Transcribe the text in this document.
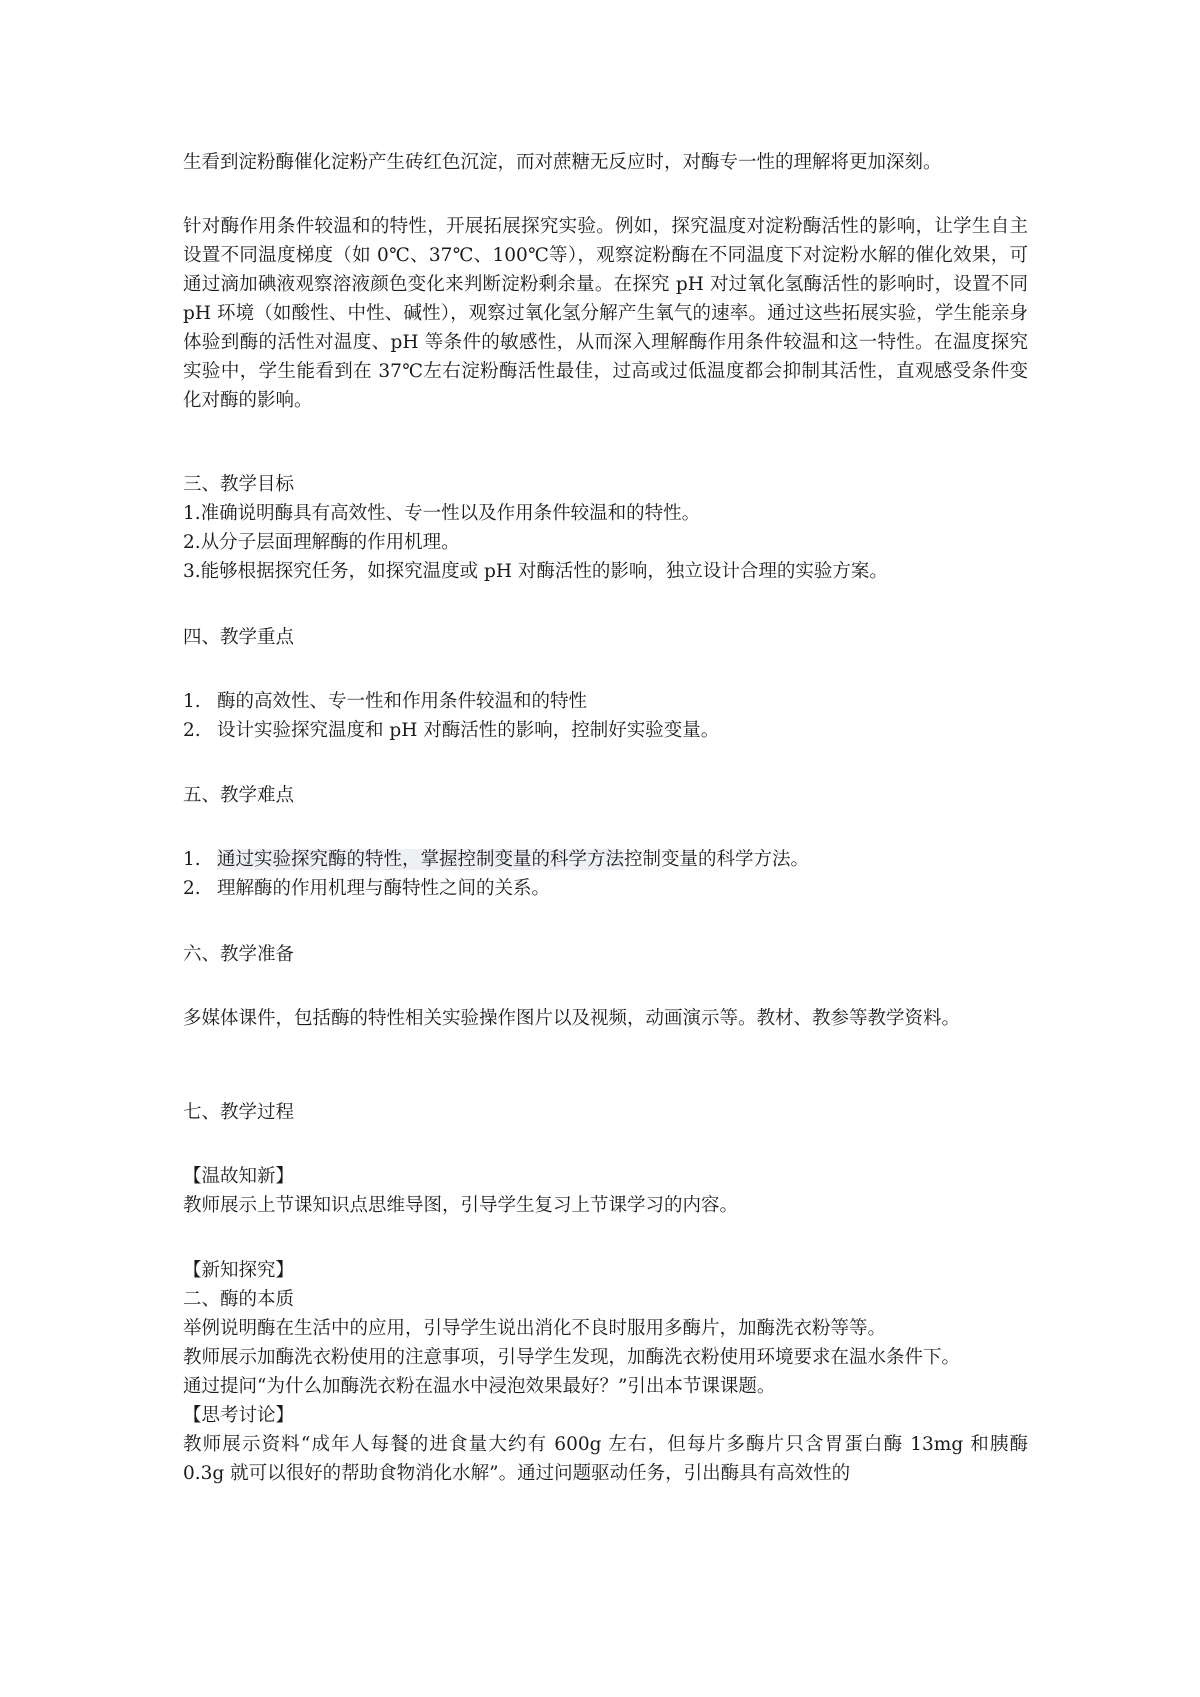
生看到淀粉酶催化淀粉产生砖红色沉淀，而对蔗糖无反应时，对酶专一性的理解将更加深刻。

针对酶作用条件较温和的特性，开展拓展探究实验。例如，探究温度对淀粉酶活性的影响，让学生自主设置不同温度梯度（如 0℃、37℃、100℃等），观察淀粉酶在不同温度下对淀粉水解的催化效果，可通过滴加碘液观察溶液颜色变化来判断淀粉剩余量。在探究 pH 对过氧化氢酶活性的影响时，设置不同 pH 环境（如酸性、中性、碱性），观察过氧化氢分解产生氧气的速率。通过这些拓展实验，学生能亲身体验到酶的活性对温度、pH 等条件的敏感性，从而深入理解酶作用条件较温和这一特性。在温度探究实验中，学生能看到在 37℃左右淀粉酶活性最佳，过高或过低温度都会抑制其活性，直观感受条件变化对酶的影响。

三、教学目标
1.准确说明酶具有高效性、专一性以及作用条件较温和的特性。
2.从分子层面理解酶的作用机理。
3.能够根据探究任务，如探究温度或 pH 对酶活性的影响，独立设计合理的实验方案。
四、教学重点
1. 酶的高效性、专一性和作用条件较温和的特性
2. 设计实验探究温度和 pH 对酶活性的影响，控制好实验变量。
五、教学难点
1. 通过实验探究酶的特性，掌握控制变量的科学方法控制变量的科学方法。
2. 理解酶的作用机理与酶特性之间的关系。
六、教学准备

多媒体课件，包括酶的特性相关实验操作图片以及视频，动画演示等。教材、教参等教学资料。

七、教学过程
【温故知新】
教师展示上节课知识点思维导图，引导学生复习上节课学习的内容。
【新知探究】
二、酶的本质
举例说明酶在生活中的应用，引导学生说出消化不良时服用多酶片，加酶洗衣粉等等。
教师展示加酶洗衣粉使用的注意事项，引导学生发现，加酶洗衣粉使用环境要求在温水条件下。
通过提问“为什么加酶洗衣粉在温水中浸泡效果最好？”引出本节课课题。
【思考讨论】
教师展示资料“成年人每餐的进食量大约有 600g 左右，但每片多酶片只含胃蛋白酶 13mg 和胰酶 0.3g 就可以很好的帮助食物消化水解”。通过问题驱动任务，引出酶具有高效性的
